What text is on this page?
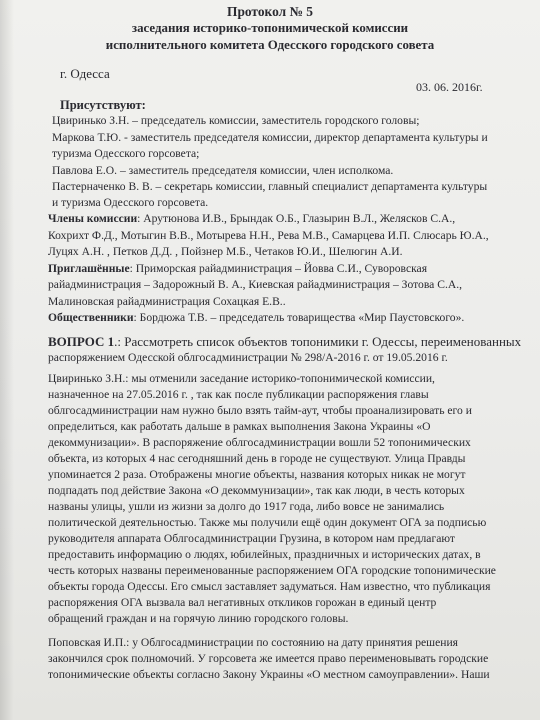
Протокол № 5
заседания историко-топонимической комиссии
исполнительного комитета Одесского городского совета
г. Одесса
03. 06. 2016г.
Присутствуют:
Цвиринько З.Н. – председатель комиссии, заместитель городского головы;
Маркова Т.Ю. - заместитель председателя комиссии, директор департамента культуры и
туризма Одесского горсовета;
Павлова Е.О. – заместитель председателя комиссии, член исполкома.
Пастерначенко В. В. – секретарь комиссии, главный специалист департамента культуры
и туризма Одесского горсовета.
Члены комиссии: Арутюнова И.В., Брындак О.Б., Глазырин В.Л., Желясков С.А.,
Кохрихт Ф.Д., Мотыгин В.В., Мотырева Н.Н., Рева М.В., Самарцева И.П. Слюсарь Ю.А.,
Луцях А.Н. , Петков Д.Д. , Пойзнер М.Б., Четаков Ю.И., Шелюгин А.И.
Приглашённые: Приморская райадминистрация – Йовва С.И., Суворовская
райадминистрация – Задорожный В. А., Киевская райадминистрация – Зотова С.А.,
Малиновская райадминистрация Сохацкая Е.В..
Общественники: Бордюжа Т.В. – председатель товарищества «Мир Паустовского».
ВОПРОС 1.: Рассмотреть список объектов топонимики г. Одессы, переименованных
распоряжением Одесской облгосадминистрации № 298/А-2016 г. от 19.05.2016 г.
Цвиринько З.Н.: мы отменили заседание историко-топонимической комиссии,
назначенное на 27.05.2016 г. , так как после публикации распоряжения главы
облгосадминистрации нам нужно было взять тайм-аут, чтобы проанализировать его и
определиться, как работать дальше в рамках выполнения Закона Украины «О
декоммунизации». В распоряжение облгосадминистрации вошли 52 топонимических
объекта, из которых 4 нас сегодняшний день в городе не существуют. Улица Правды
упоминается 2 раза. Отображены многие объекты, названия которых никак не могут
подпадать под действие Закона «О декоммунизации», так как люди, в честь которых
названы улицы, ушли из жизни за долго до 1917 года, либо вовсе не занимались
политической деятельностью. Также мы получили ещё один документ ОГА за подписью
руководителя аппарата Облгосадминистрации Грузина, в котором нам предлагают
предоставить информацию о людях, юбилейных, праздничных и исторических датах, в
честь которых названы переименованные распоряжением ОГА городские топонимические
объекты города Одессы. Его смысл заставляет задуматься. Нам известно, что публикация
распоряжения ОГА вызвала вал негативных откликов горожан в единый центр
обращений граждан и на горячую линию городского головы.
Поповская И.П.: у Облгосадминистрации по состоянию на дату принятия решения
закончился срок полномочий. У горсовета же имеется право переименовывать городские
топонимические объекты согласно Закону Украины «О местном самоуправлении». Наши
